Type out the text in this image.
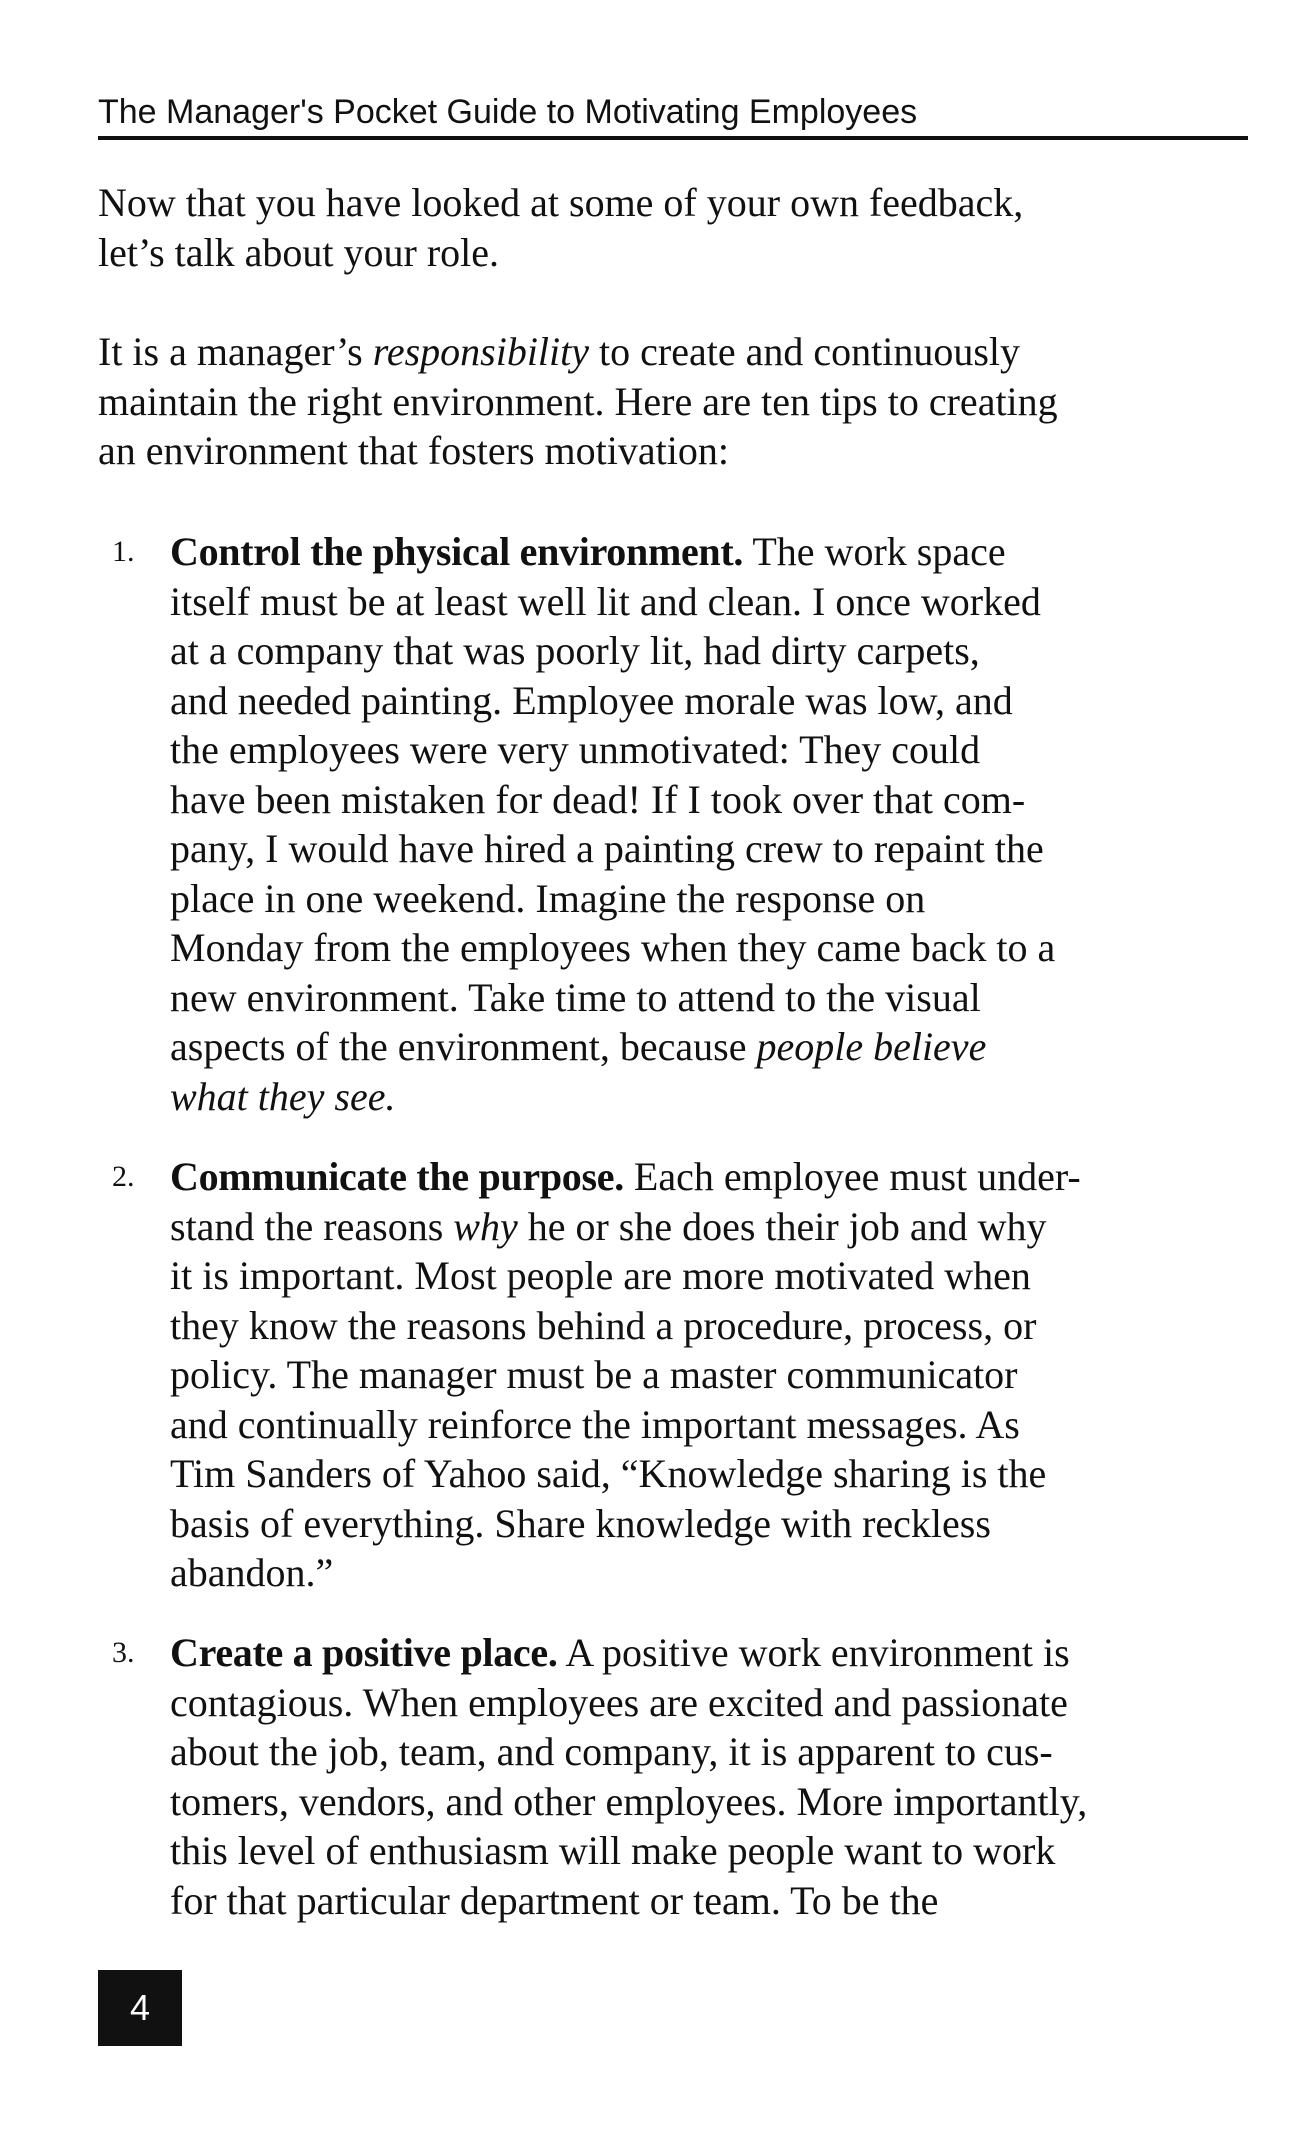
The Manager's Pocket Guide to Motivating Employees

Now that you have looked at some of your own feedback,
let’s talk about your role.

It is a manager’s responsibility to create and continuously
maintain the right environment. Here are ten tips to creating
an environment that fosters motivation:

1. Control the physical environment. The work space
itself must be at least well lit and clean. I once worked
at a company that was poorly lit, had dirty carpets,
and needed painting. Employee morale was low, and
the employees were very unmotivated: They could
have been mistaken for dead! If I took over that com-
pany, I would have hired a painting crew to repaint the
place in one weekend. Imagine the response on
Monday from the employees when they came back to a
new environment. Take time to attend to the visual
aspects of the environment, because people believe
what they see.
2. Communicate the purpose. Each employee must under-
stand the reasons why he or she does their job and why
it is important. Most people are more motivated when
they know the reasons behind a procedure, process, or
policy. The manager must be a master communicator
and continually reinforce the important messages. As
Tim Sanders of Yahoo said, “Knowledge sharing is the
basis of everything. Share knowledge with reckless
abandon.”
3. Create a positive place. A positive work environment is
contagious. When employees are excited and passionate
about the job, team, and company, it is apparent to cus-
tomers, vendors, and other employees. More importantly,
this level of enthusiasm will make people want to work
for that particular department or team. To be the
4
